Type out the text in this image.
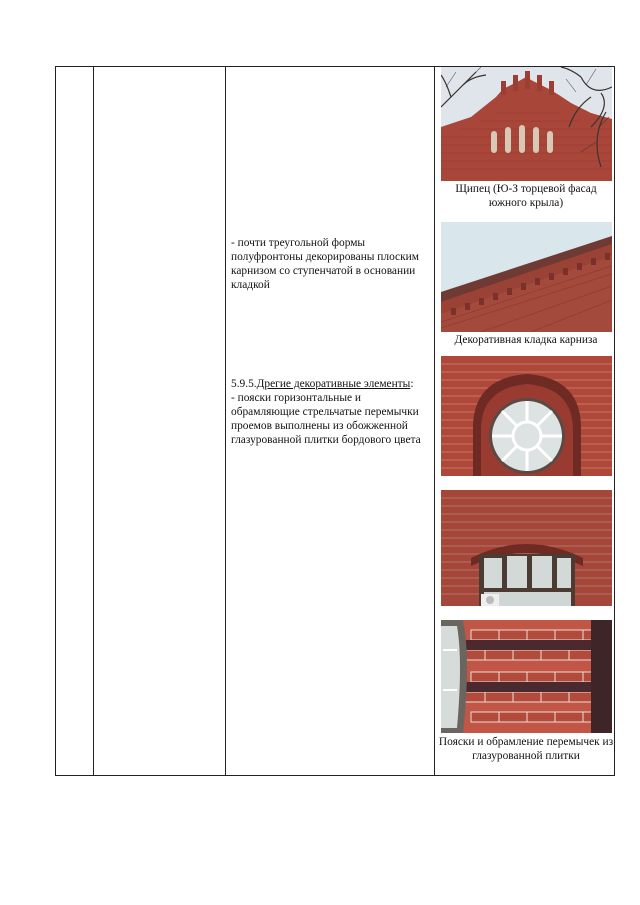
- почти треугольной формы полуфронтоны декорированы плоским карнизом со ступенчатой в основании кладкой
5.9.5.Дрегие декоративные элементы:
- пояски горизонтальные и обрамляющие стрельчатые перемычки проемов выполнены из обожженной глазурованной плитки бордового цвета
Щипец (Ю-З торцевой фасад южного крыла)
Декоративная кладка карниза
Пояски и обрамление перемычек из глазурованной плитки
